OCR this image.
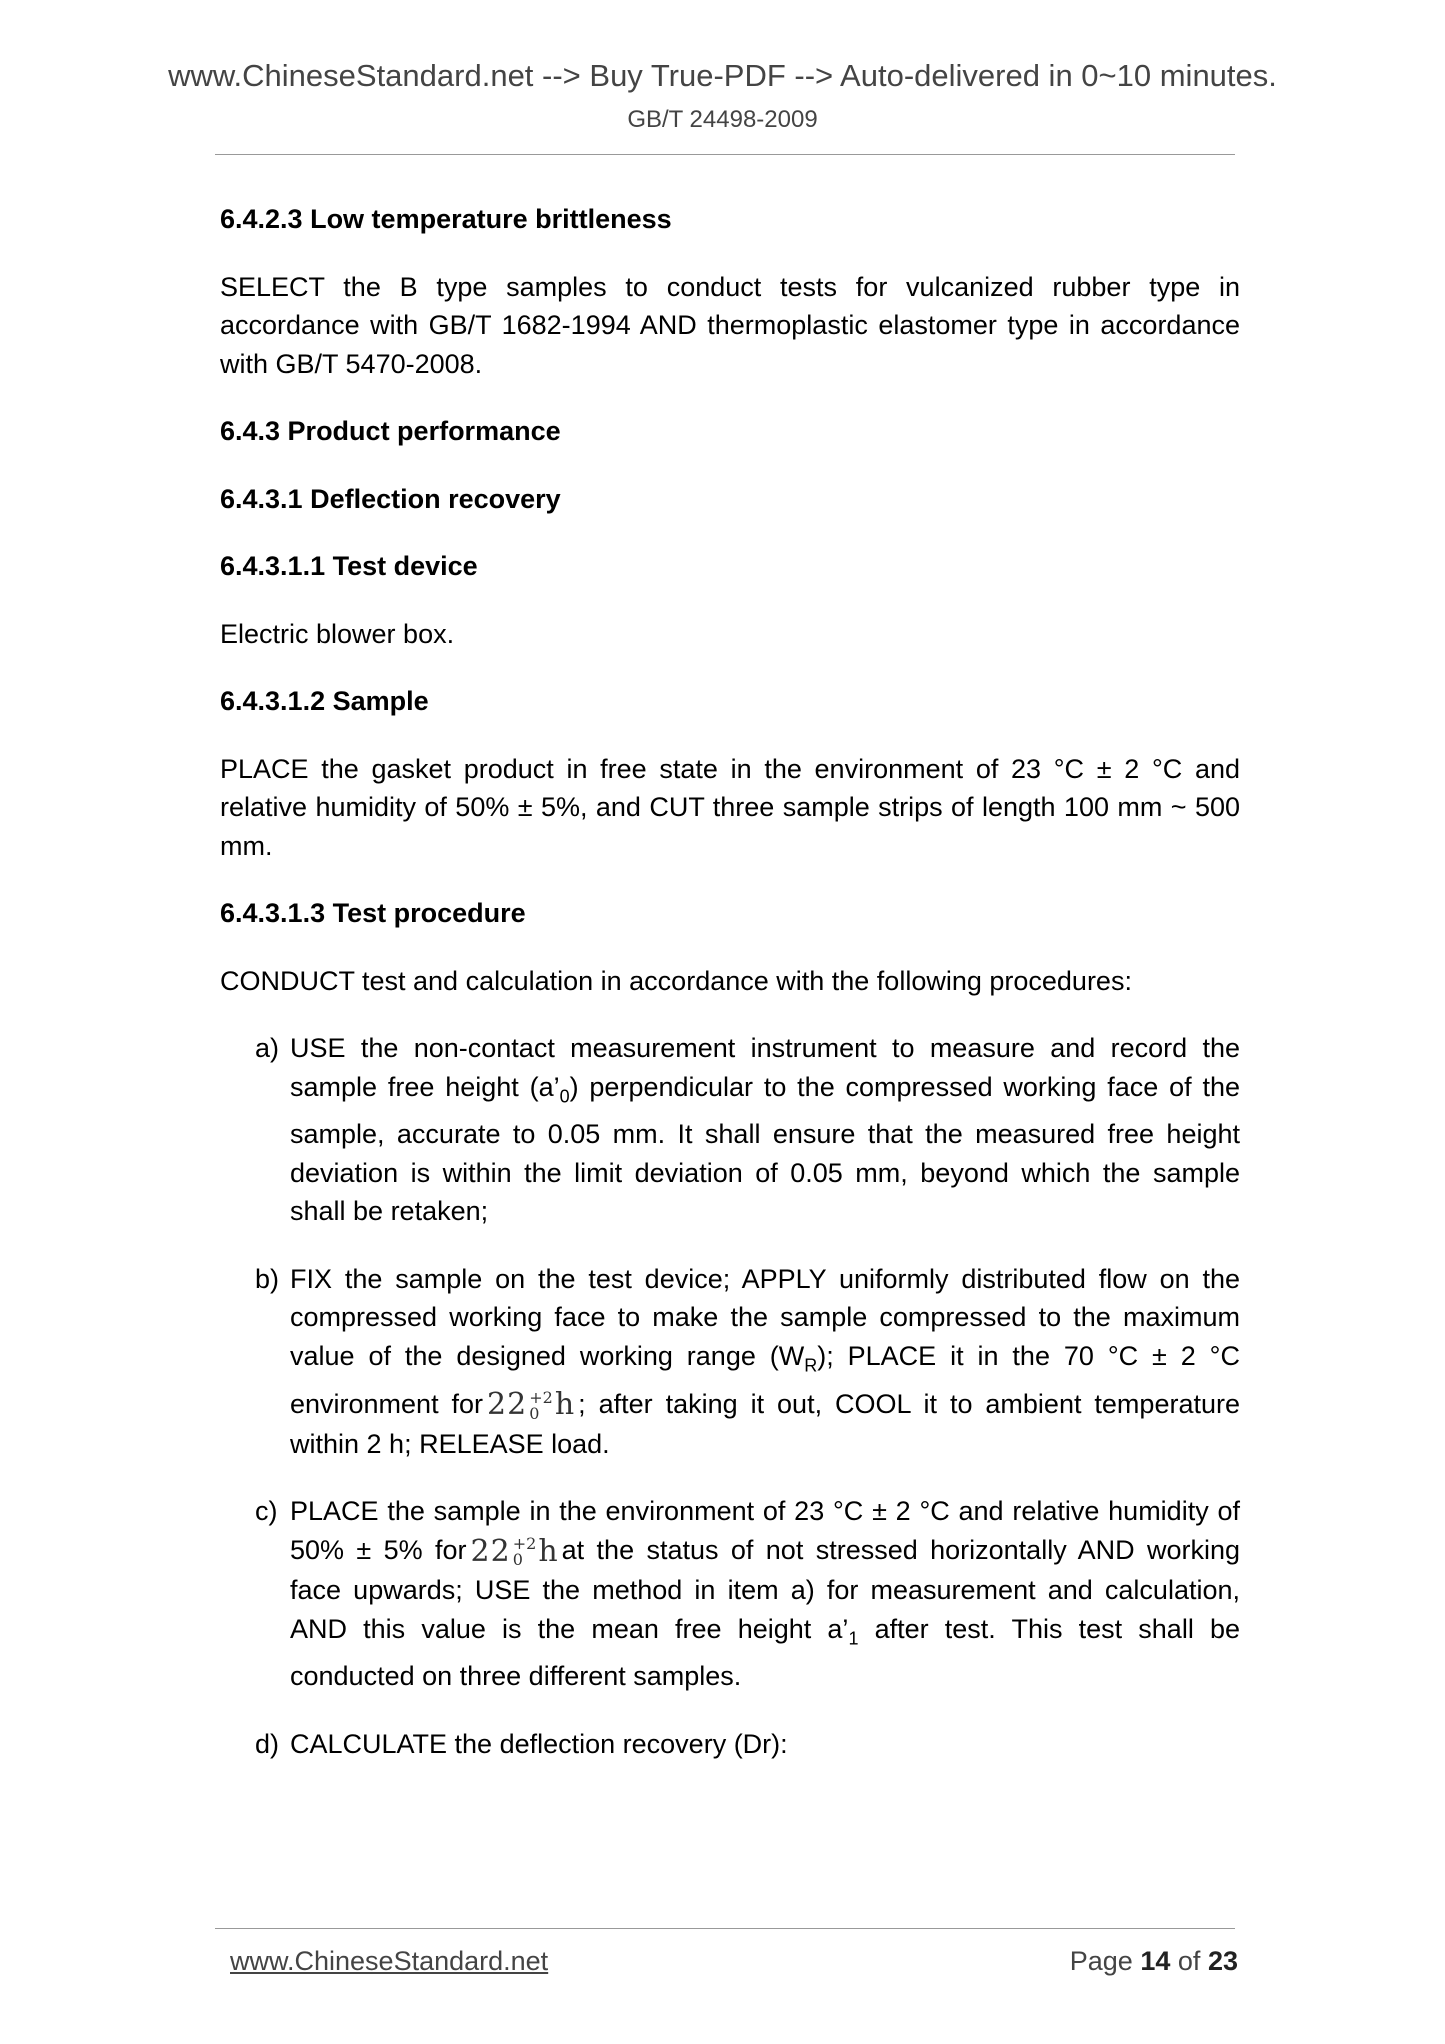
www.ChineseStandard.net --> Buy True-PDF --> Auto-delivered in 0~10 minutes.
GB/T 24498-2009
6.4.2.3 Low temperature brittleness
SELECT the B type samples to conduct tests for vulcanized rubber type in accordance with GB/T 1682-1994 AND thermoplastic elastomer type in accordance with GB/T 5470-2008.
6.4.3 Product performance
6.4.3.1 Deflection recovery
6.4.3.1.1 Test device
Electric blower box.
6.4.3.1.2 Sample
PLACE the gasket product in free state in the environment of 23 °C ± 2 °C and relative humidity of 50% ± 5%, and CUT three sample strips of length 100 mm ~ 500 mm.
6.4.3.1.3 Test procedure
CONDUCT test and calculation in accordance with the following procedures:
a) USE the non-contact measurement instrument to measure and record the sample free height $(a’_0)$ perpendicular to the compressed working face of the sample, accurate to 0.05 mm. It shall ensure that the measured free height deviation is within the limit deviation of 0.05 mm, beyond which the sample shall be retaken;
b) FIX the sample on the test device; APPLY uniformly distributed flow on the compressed working face to make the sample compressed to the maximum value of the designed working range $(W_R)$; PLACE it in the 70 °C ± 2 °C environment for 22 +2
0 h ; after taking it out, COOL it to ambient temperature within 2 h; RELEASE load.
c) PLACE the sample in the environment of 23 °C ± 2 °C and relative humidity of 50% ± 5% for 22 +2
0 h at the status of not stressed horizontally AND working face upwards; USE the method in item a) for measurement and calculation, AND this value is the mean free height $a’_1$ after test. This test shall be conducted on three different samples.
d) CALCULATE the deflection recovery (Dr):
www.ChineseStandard.net	Page 14 of 23
